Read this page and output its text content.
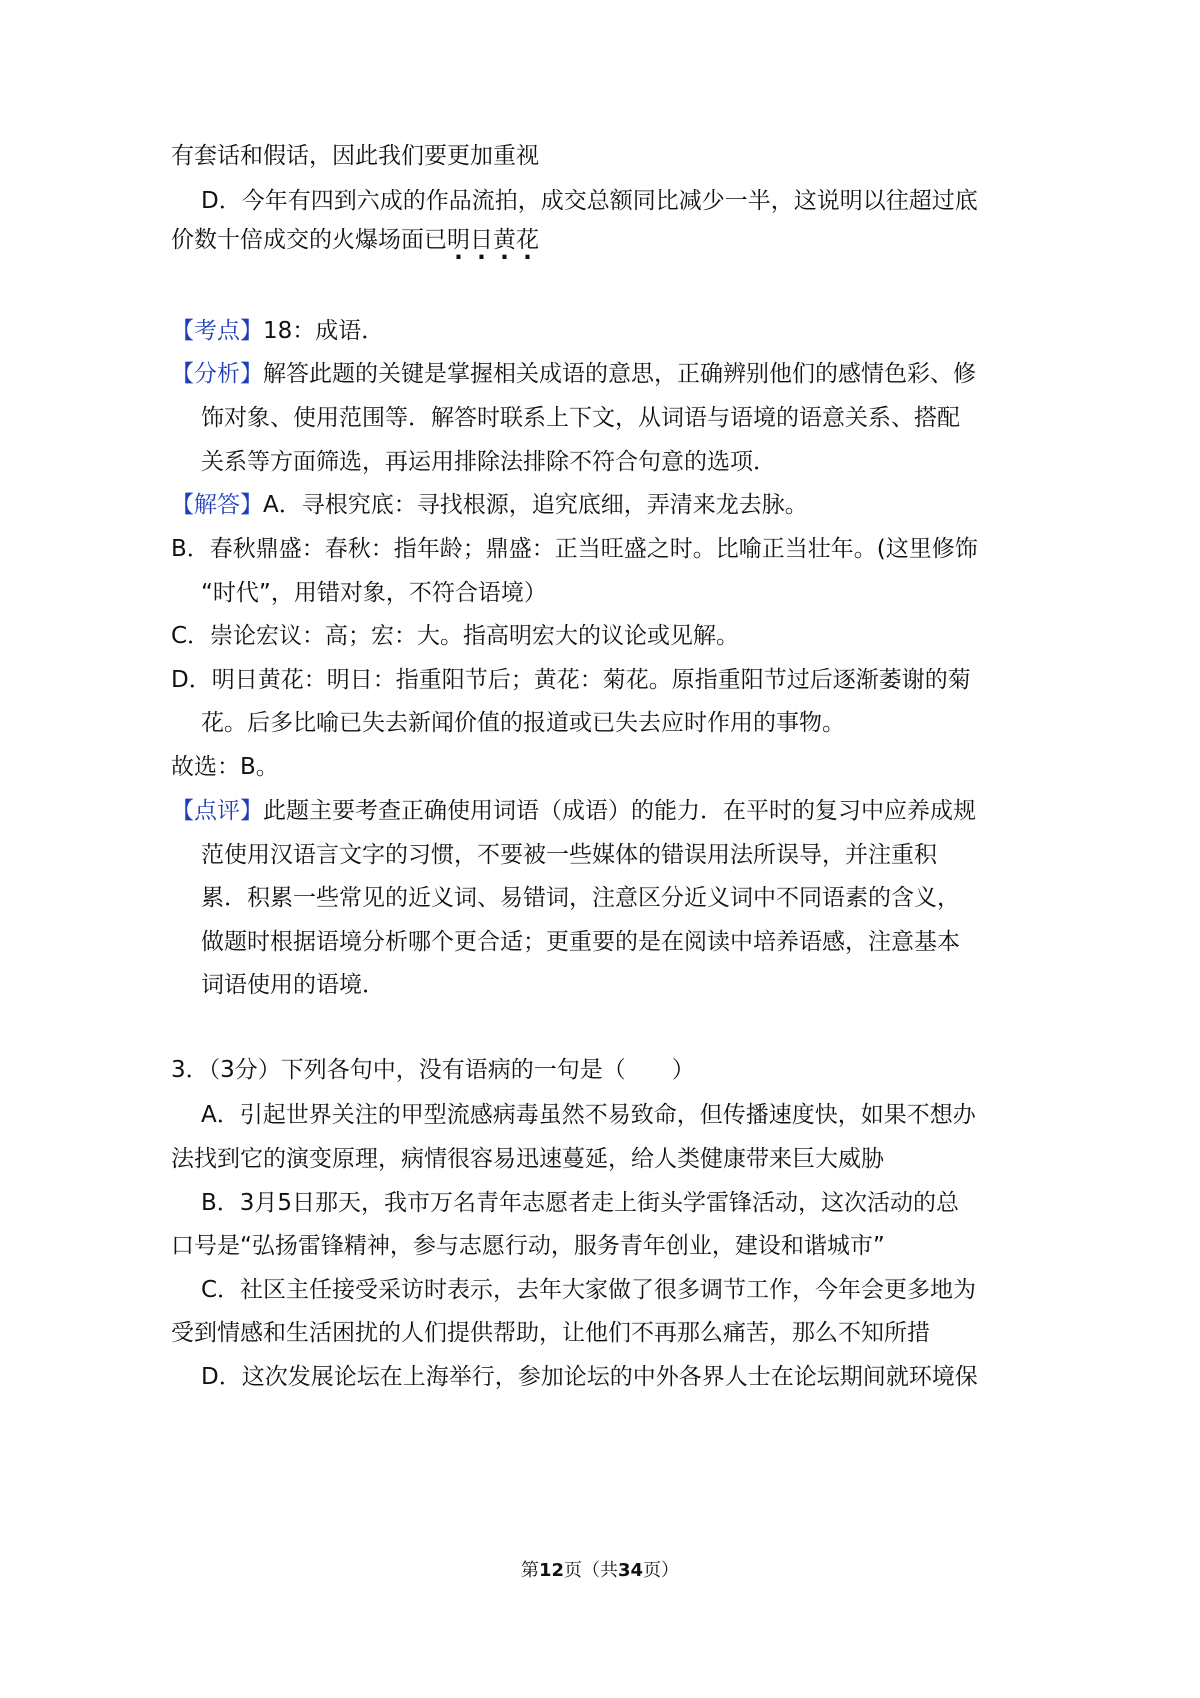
有套话和假话，因此我们要更加重视
D．今年有四到六成的作品流拍，成交总额同比减少一半，这说明以往超过底
价数十倍成交的火爆场面已明日黄花
【考点】18：成语．
【分析】解答此题的关键是掌握相关成语的意思，正确辨别他们的感情色彩、修
饰对象、使用范围等．解答时联系上下文，从词语与语境的语意关系、搭配
关系等方面筛选，再运用排除法排除不符合句意的选项．
【解答】A．寻根究底：寻找根源，追究底细，弄清来龙去脉。
B．春秋鼎盛：春秋：指年龄；鼎盛：正当旺盛之时。比喻正当壮年。(这里修饰
“时代”，用错对象，不符合语境）
C．崇论宏议：高；宏：大。指高明宏大的议论或见解。
D．明日黄花：明日：指重阳节后；黄花：菊花。原指重阳节过后逐渐萎谢的菊
花。后多比喻已失去新闻价值的报道或已失去应时作用的事物。
故选：B。
【点评】此题主要考查正确使用词语（成语）的能力．在平时的复习中应养成规
范使用汉语言文字的习惯，不要被一些媒体的错误用法所误导，并注重积
累．积累一些常见的近义词、易错词，注意区分近义词中不同语素的含义，
做题时根据语境分析哪个更合适；更重要的是在阅读中培养语感，注意基本
词语使用的语境．
3．（3分）下列各句中，没有语病的一句是（　　）
A．引起世界关注的甲型流感病毒虽然不易致命，但传播速度快，如果不想办
法找到它的演变原理，病情很容易迅速蔓延，给人类健康带来巨大威胁
B．3月5日那天，我市万名青年志愿者走上街头学雷锋活动，这次活动的总
口号是“弘扬雷锋精神，参与志愿行动，服务青年创业，建设和谐城市”
C．社区主任接受采访时表示，去年大家做了很多调节工作，今年会更多地为
受到情感和生活困扰的人们提供帮助，让他们不再那么痛苦，那么不知所措
D．这次发展论坛在上海举行，参加论坛的中外各界人士在论坛期间就环境保
第12页（共34页）
